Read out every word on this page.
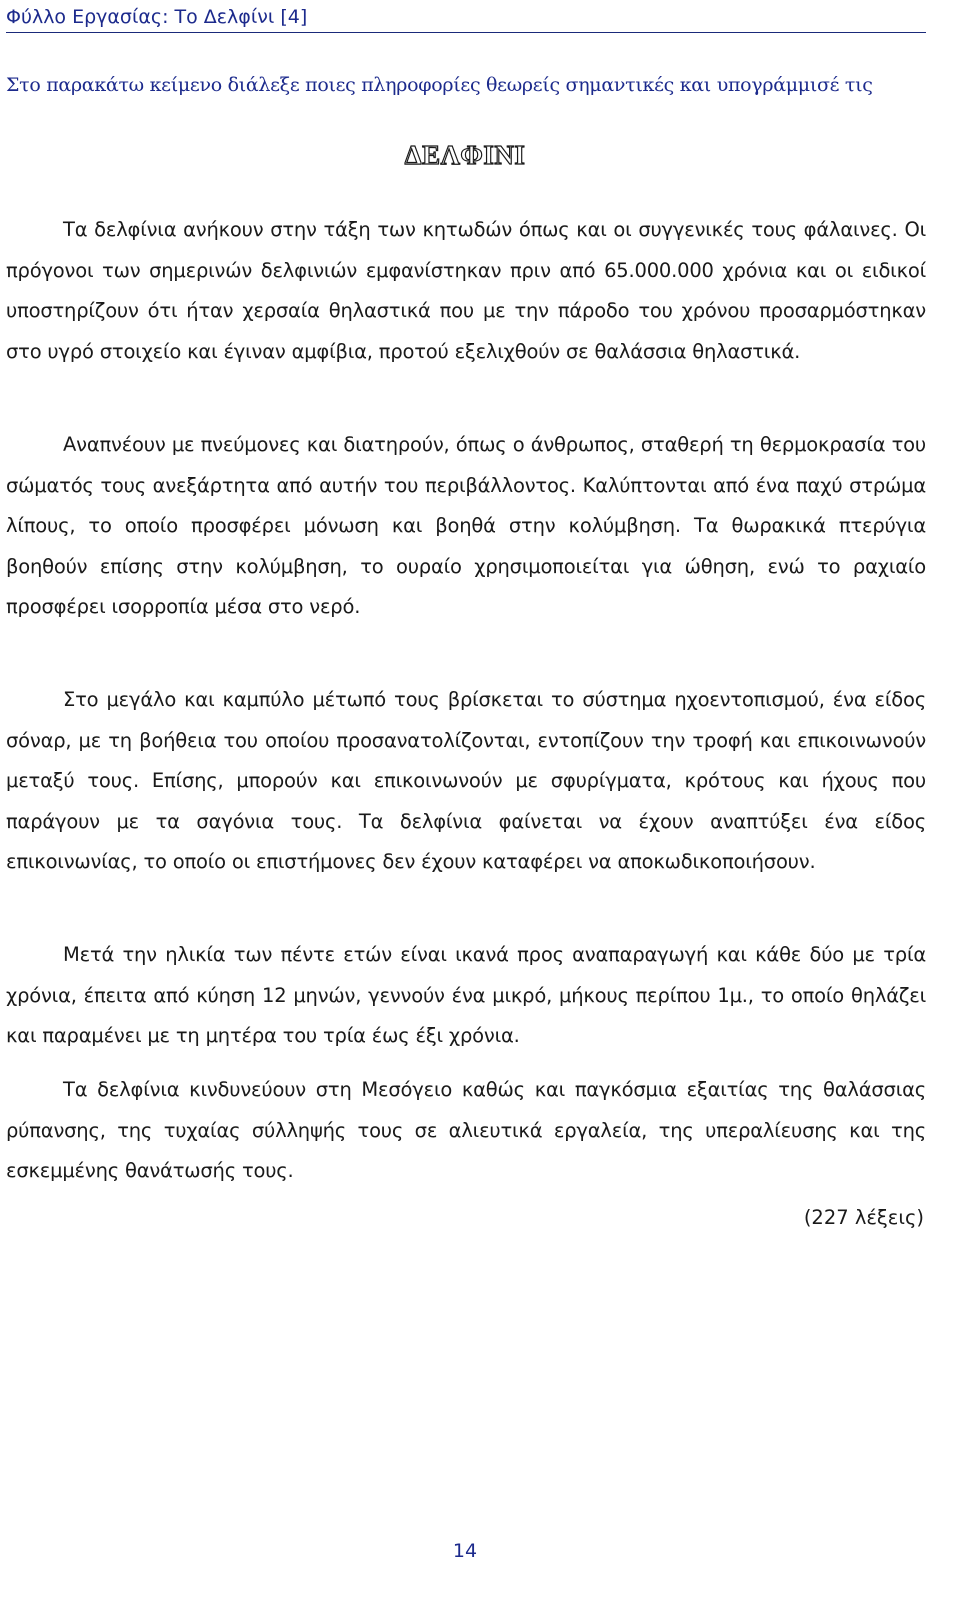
Φύλλο Εργασίας: Το Δελφίνι [4]
Στο παρακάτω κείμενο διάλεξε ποιες πληροφορίες θεωρείς σημαντικές και υπογράμμισέ τις
ΔΕΛΦΙΝΙ

Τα δελφίνια ανήκουν στην τάξη των κητωδών όπως και οι συγγενικές τους φάλαινες. Οι πρόγονοι των σημερινών δελφινιών εμφανίστηκαν πριν από 65.000.000 χρόνια και οι ειδικοί υποστηρίζουν ότι ήταν χερσαία θηλαστικά που με την πάροδο του χρόνου προσαρμόστηκαν στο υγρό στοιχείο και έγιναν αμφίβια, προτού εξελιχθούν σε θαλάσσια θηλαστικά.

Αναπνέουν με πνεύμονες και διατηρούν, όπως ο άνθρωπος, σταθερή τη θερμοκρασία του σώματός τους ανεξάρτητα από αυτήν του περιβάλλοντος. Καλύπτονται από ένα παχύ στρώμα λίπους, το οποίο προσφέρει μόνωση και βοηθά στην κολύμβηση. Τα θωρακικά πτερύγια βοηθούν επίσης στην κολύμβηση, το ουραίο χρησιμοποιείται για ώθηση, ενώ το ραχιαίο προσφέρει ισορροπία μέσα στο νερό.

Στο μεγάλο και καμπύλο μέτωπό τους βρίσκεται το σύστημα ηχοεντοπισμού, ένα είδος σόναρ, με τη βοήθεια του οποίου προσανατολίζονται, εντοπίζουν την τροφή και επικοινωνούν μεταξύ τους. Επίσης, μπορούν και επικοινωνούν με σφυρίγματα, κρότους και ήχους που παράγουν με τα σαγόνια τους. Τα δελφίνια φαίνεται να έχουν αναπτύξει ένα είδος επικοινωνίας, το οποίο οι επιστήμονες δεν έχουν καταφέρει να αποκωδικοποιήσουν.

Μετά την ηλικία των πέντε ετών είναι ικανά προς αναπαραγωγή και κάθε δύο με τρία χρόνια, έπειτα από κύηση 12 μηνών, γεννούν ένα μικρό, μήκους περίπου 1μ., το οποίο θηλάζει και παραμένει με τη μητέρα του τρία έως έξι χρόνια.

Τα δελφίνια κινδυνεύουν στη Μεσόγειο καθώς και παγκόσμια εξαιτίας της θαλάσσιας ρύπανσης, της τυχαίας σύλληψής τους σε αλιευτικά εργαλεία, της υπεραλίευσης και της εσκεμμένης θανάτωσής τους.

(227 λέξεις)
14
